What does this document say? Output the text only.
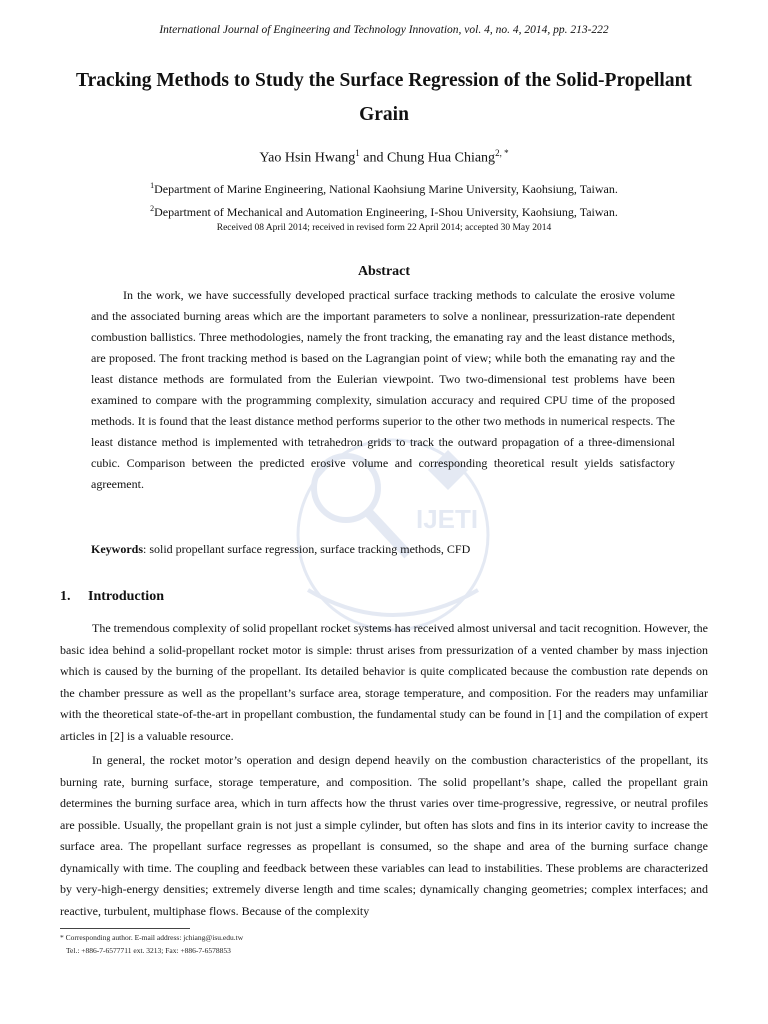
IJETI
International Journal of Engineering and Technology Innovation, vol. 4, no. 4, 2014, pp. 213-222
Tracking Methods to Study the Surface Regression of the Solid-Propellant Grain
Yao Hsin Hwang$^1$ and Chung Hua Chiang$^{2, *}$
$^1$Department of Marine Engineering, National Kaohsiung Marine University, Kaohsiung, Taiwan.
$^2$Department of Mechanical and Automation Engineering, I-Shou University, Kaohsiung, Taiwan.
Received 08 April 2014; received in revised form 22 April 2014; accepted 30 May 2014
Abstract

In the work, we have successfully developed practical surface tracking methods to calculate the erosive volume and the associated burning areas which are the important parameters to solve a nonlinear, pressurization-rate dependent combustion ballistics. Three methodologies, namely the front tracking, the emanating ray and the least distance methods, are proposed. The front tracking method is based on the Lagrangian point of view; while both the emanating ray and the least distance methods are formulated from the Eulerian viewpoint. Two two-dimensional test problems have been examined to compare with the programming complexity, simulation accuracy and required CPU time of the proposed methods. It is found that the least distance method performs superior to the other two methods in numerical respects. The least distance method is implemented with tetrahedron grids to track the outward propagation of a three-dimensional cubic. Comparison between the predicted erosive volume and corresponding theoretical result yields satisfactory agreement.

Keywords: solid propellant surface regression, surface tracking methods, CFD
1. Introduction

The tremendous complexity of solid propellant rocket systems has received almost universal and tacit recognition. However, the basic idea behind a solid-propellant rocket motor is simple: thrust arises from pressurization of a vented chamber by mass injection which is caused by the burning of the propellant. Its detailed behavior is quite complicated because the combustion rate depends on the chamber pressure as well as the propellant’s surface area, storage temperature, and composition. For the readers may unfamiliar with the theoretical state-of-the-art in propellant combustion, the fundamental study can be found in [1] and the compilation of expert articles in [2] is a valuable resource.

In general, the rocket motor’s operation and design depend heavily on the combustion characteristics of the propellant, its burning rate, burning surface, storage temperature, and composition. The solid propellant’s shape, called the propellant grain determines the burning surface area, which in turn affects how the thrust varies over time-progressive, regressive, or neutral profiles are possible. Usually, the propellant grain is not just a simple cylinder, but often has slots and fins in its interior cavity to increase the surface area. The propellant surface regresses as propellant is consumed, so the shape and area of the burning surface change dynamically with time. The coupling and feedback between these variables can lead to instabilities. These problems are characterized by very-high-energy densities; extremely diverse length and time scales; dynamically changing geometries; complex interfaces; and reactive, turbulent, multiphase flows. Because of the complexity

* Corresponding author. E-mail address: jchiang@isu.edu.tw
Tel.: +886-7-6577711 ext. 3213; Fax: +886-7-6578853
